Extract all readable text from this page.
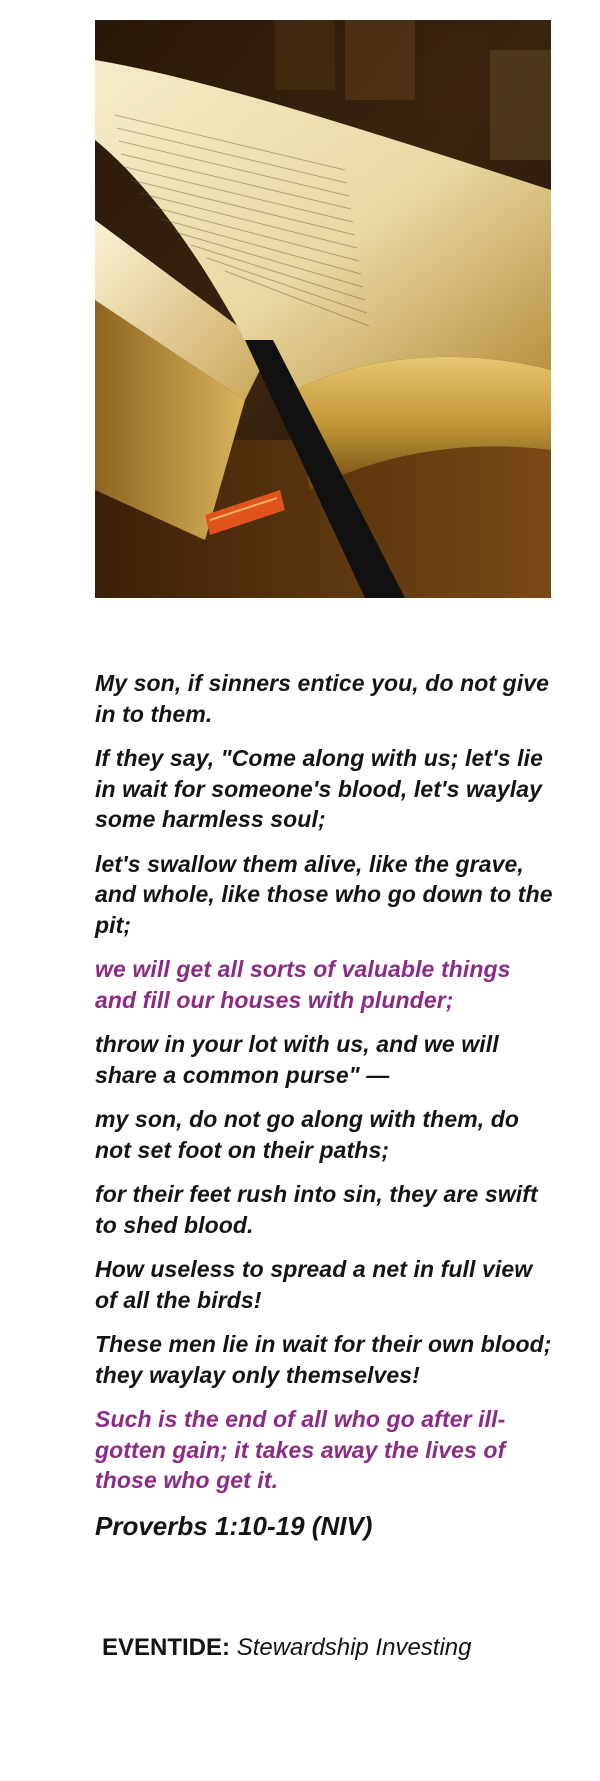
My son, if sinners entice you, do not give in to them.

If they say, "Come along with us; let's lie in wait for someone's blood, let's waylay some harmless soul;

let's swallow them alive, like the grave, and whole, like those who go down to the pit;

we will get all sorts of valuable things and fill our houses with plunder;

throw in your lot with us, and we will share a common purse" —

my son, do not go along with them, do not set foot on their paths;

for their feet rush into sin, they are swift to shed blood.

How useless to spread a net in full view of all the birds!

These men lie in wait for their own blood; they waylay only themselves!

Such is the end of all who go after ill-gotten gain; it takes away the lives of those who get it.

Proverbs 1:10-19 (NIV)

EVENTIDE: Stewardship Investing
